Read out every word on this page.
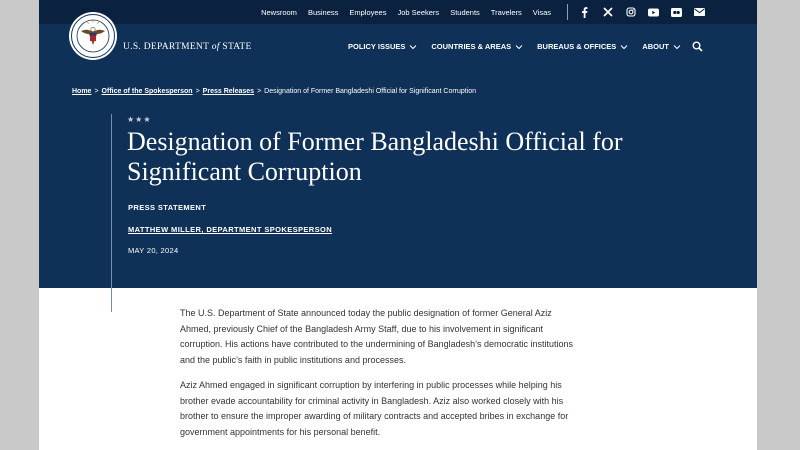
Newsroom Business Employees Job Seekers Students Travelers Visas
U.S. DEPARTMENT of STATE	POLICY ISSUES	COUNTRIES & AREAS	BUREAUS & OFFICES	ABOUT
Home > Office of the Spokesperson > Press Releases > Designation of Former Bangladeshi Official for Significant Corruption
★★★
Designation of Former Bangladeshi Official for Significant Corruption
PRESS STATEMENT
MATTHEW MILLER, DEPARTMENT SPOKESPERSON
MAY 20, 2024

The U.S. Department of State announced today the public designation of former General Aziz Ahmed, previously Chief of the Bangladesh Army Staff, due to his involvement in significant corruption. His actions have contributed to the undermining of Bangladesh’s democratic institutions and the public’s faith in public institutions and processes.

Aziz Ahmed engaged in significant corruption by interfering in public processes while helping his brother evade accountability for criminal activity in Bangladesh. Aziz also worked closely with his brother to ensure the improper awarding of military contracts and accepted bribes in exchange for government appointments for his personal benefit.
